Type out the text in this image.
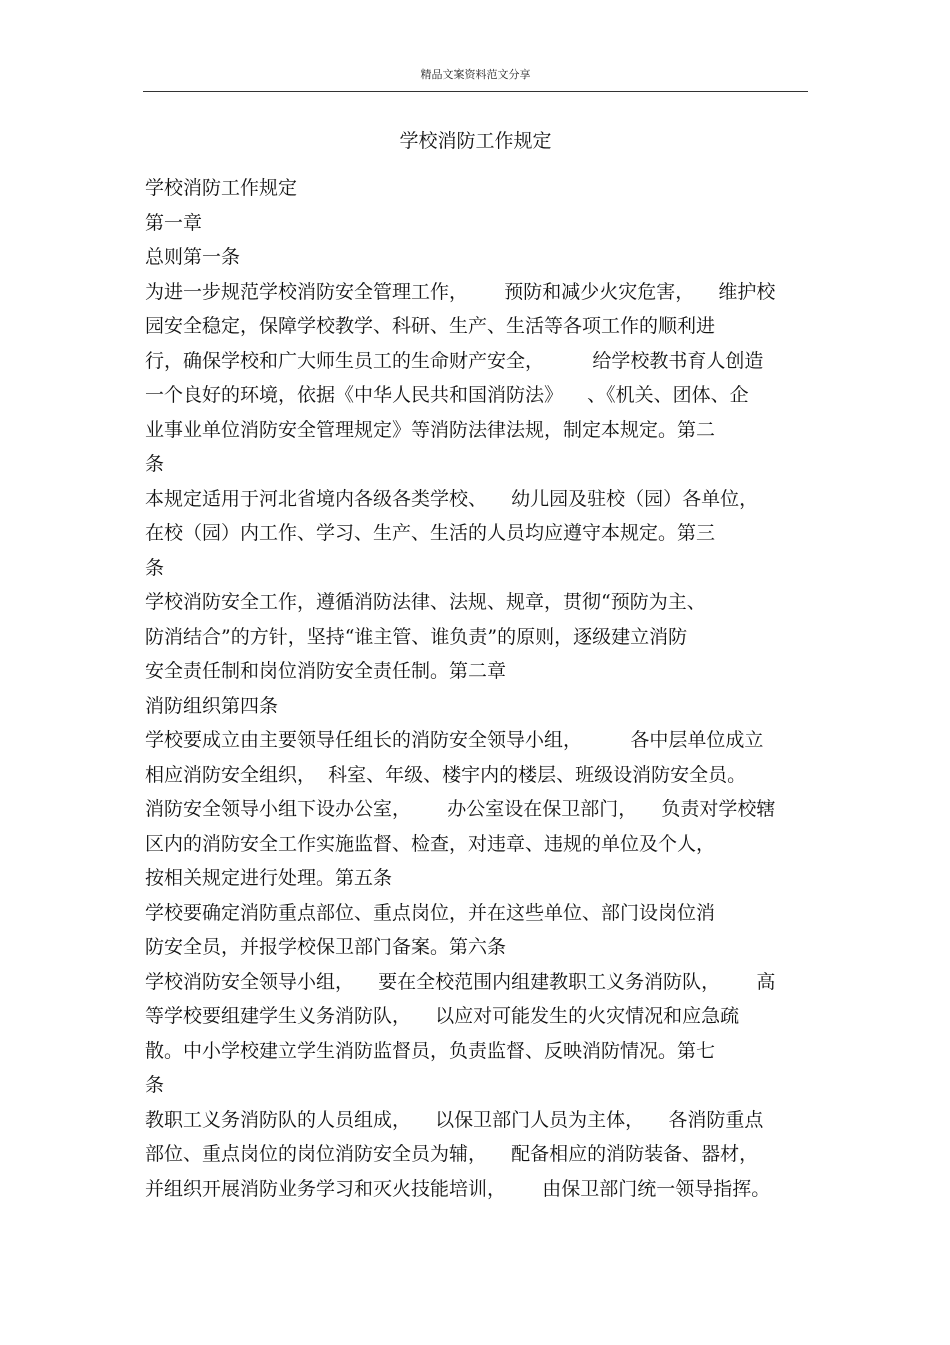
精品文案资料范文分享
学校消防工作规定
学校消防工作规定
第一章
总则第一条
为进一步规范学校消防安全管理工作，      预防和减少火灾危害，    维护校
园安全稳定，保障学校教学、科研、生产、生活等各项工作的顺利进
行，确保学校和广大师生员工的生命财产安全，        给学校教书育人创造
一个良好的环境，依据《中华人民共和国消防法》    、《机关、团体、企
业事业单位消防安全管理规定》等消防法律法规，制定本规定。第二
条
本规定适用于河北省境内各级各类学校、    幼儿园及驻校（园）各单位，
在校（园）内工作、学习、生产、生活的人员均应遵守本规定。第三
条
学校消防安全工作，遵循消防法律、法规、规章，贯彻“预防为主、
防消结合”的方针，坚持“谁主管、谁负责”的原则，逐级建立消防
安全责任制和岗位消防安全责任制。第二章
消防组织第四条
学校要成立由主要领导任组长的消防安全领导小组，        各中层单位成立
相应消防安全组织，  科室、年级、楼宇内的楼层、班级设消防安全员。
消防安全领导小组下设办公室，      办公室设在保卫部门，    负责对学校辖
区内的消防安全工作实施监督、检查，对违章、违规的单位及个人，
按相关规定进行处理。第五条
学校要确定消防重点部位、重点岗位，并在这些单位、部门设岗位消
防安全员，并报学校保卫部门备案。第六条
学校消防安全领导小组，    要在全校范围内组建教职工义务消防队，      高
等学校要组建学生义务消防队，    以应对可能发生的火灾情况和应急疏
散。中小学校建立学生消防监督员，负责监督、反映消防情况。第七
条
教职工义务消防队的人员组成，    以保卫部门人员为主体，    各消防重点
部位、重点岗位的岗位消防安全员为辅，    配备相应的消防装备、器材，
并组织开展消防业务学习和灭火技能培训，      由保卫部门统一领导指挥。
